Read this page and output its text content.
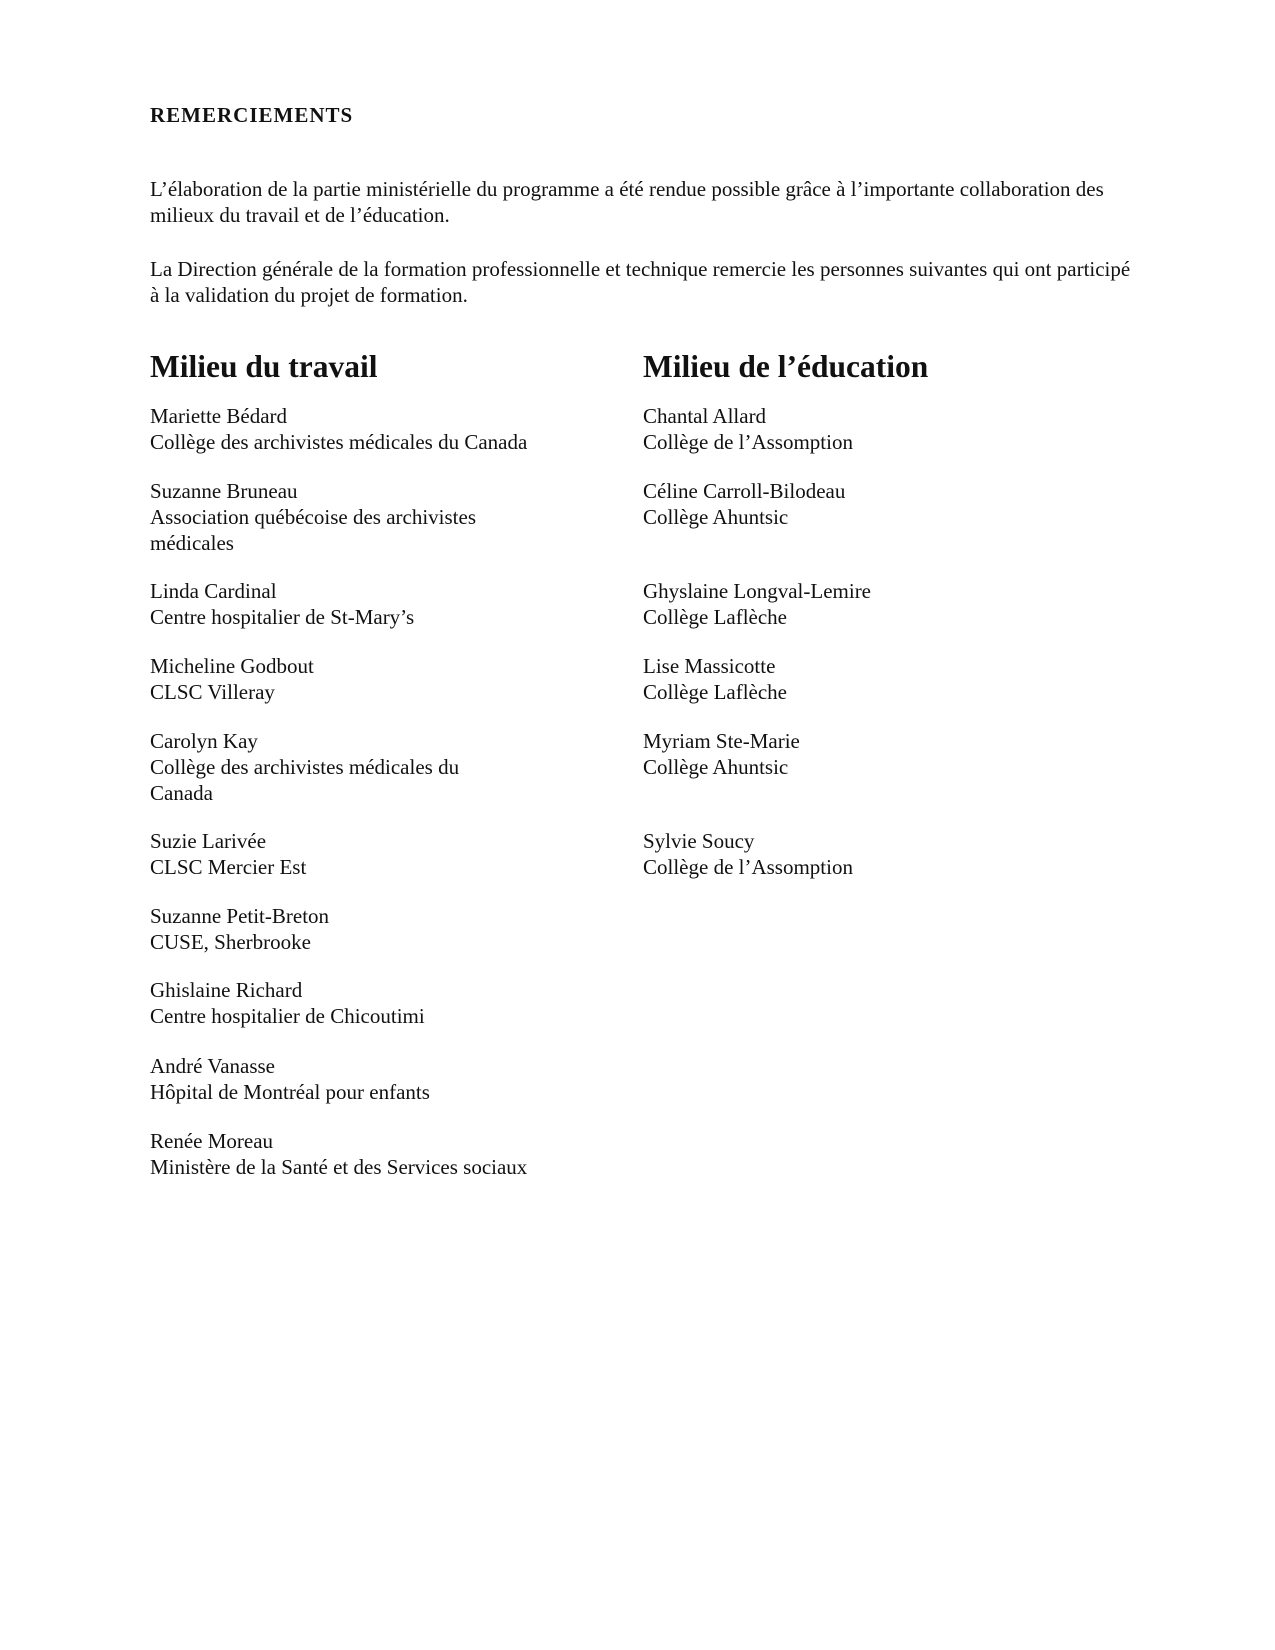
REMERCIEMENTS

L’élaboration de la partie ministérielle du programme a été rendue possible grâce à l’importante collaboration des milieux du travail et de l’éducation.

La Direction générale de la formation professionnelle et technique remercie les personnes suivantes qui ont participé à la validation du projet de formation.

Milieu du travail
Mariette Bédard
Collège des archivistes médicales du Canada
Suzanne Bruneau
Association québécoise des archivistes médicales
Linda Cardinal
Centre hospitalier de St-Mary’s
Micheline Godbout
CLSC Villeray
Carolyn Kay
Collège des archivistes médicales du Canada
Suzie Larivée
CLSC Mercier Est
Suzanne Petit-Breton
CUSE, Sherbrooke
Ghislaine Richard
Centre hospitalier de Chicoutimi
André Vanasse
Hôpital de Montréal pour enfants
Renée Moreau
Ministère de la Santé et des Services sociaux
Milieu de l’éducation
Chantal Allard
Collège de l’Assomption
Céline Carroll-Bilodeau
Collège Ahuntsic
Ghyslaine Longval-Lemire
Collège Laflèche
Lise Massicotte
Collège Laflèche
Myriam Ste-Marie
Collège Ahuntsic
Sylvie Soucy
Collège de l’Assomption
